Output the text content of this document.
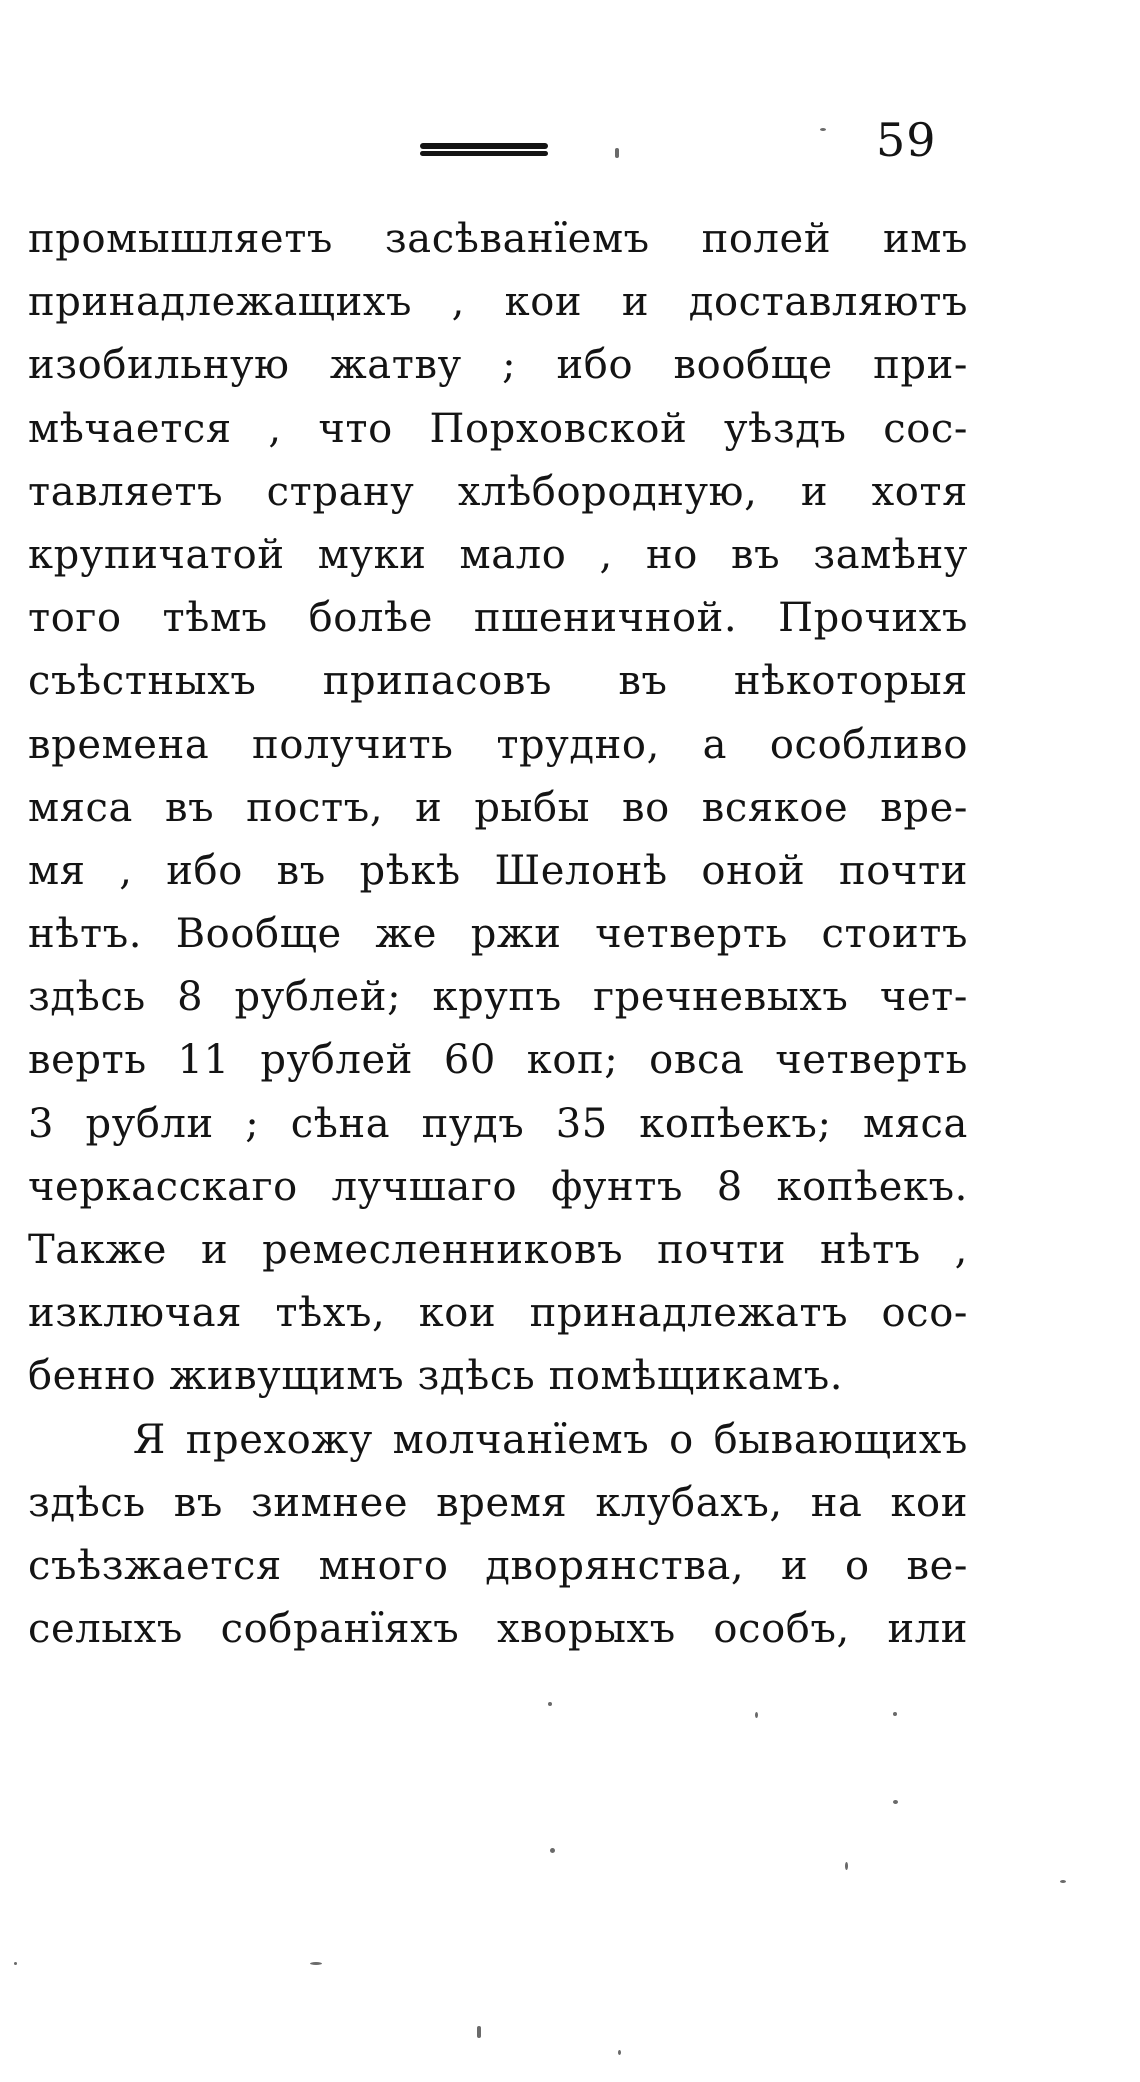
59
промышляетъ засѣванїемъ полей имъ
принадлежащихъ , кои и доставляютъ
изобильную жатву ; ибо вообще при-
мѣчается , что Порховской уѣздъ сос-
тавляетъ страну хлѣбородную, и хотя
крупичатой муки мало , но въ замѣну
того тѣмъ болѣе пшеничной. Прочихъ
съѣстныхъ припасовъ въ нѣкоторыя
времена получить трудно, а особливо
мяса въ постъ, и рыбы во всякое вре-
мя , ибо въ рѣкѣ Шелонѣ оной почти
нѣтъ. Вообще же ржи четверть стоитъ
здѣсь 8 рублей; крупъ гречневыхъ чет-
верть 11 рублей 60 коп; овса четверть
3 рубли ; сѣна пудъ 35 копѣекъ; мяса
черкасскаго лучшаго фунтъ 8 копѣекъ.
Также и ремесленниковъ почти нѣтъ ,
изключая тѣхъ, кои принадлежатъ осо-
бенно живущимъ здѣсь помѣщикамъ.
Я прехожу молчанїемъ о бывающихъ
здѣсь въ зимнее время клубахъ, на кои
съѣзжается много дворянства, и о ве-
селыхъ собранїяхъ хворыхъ особъ, или
